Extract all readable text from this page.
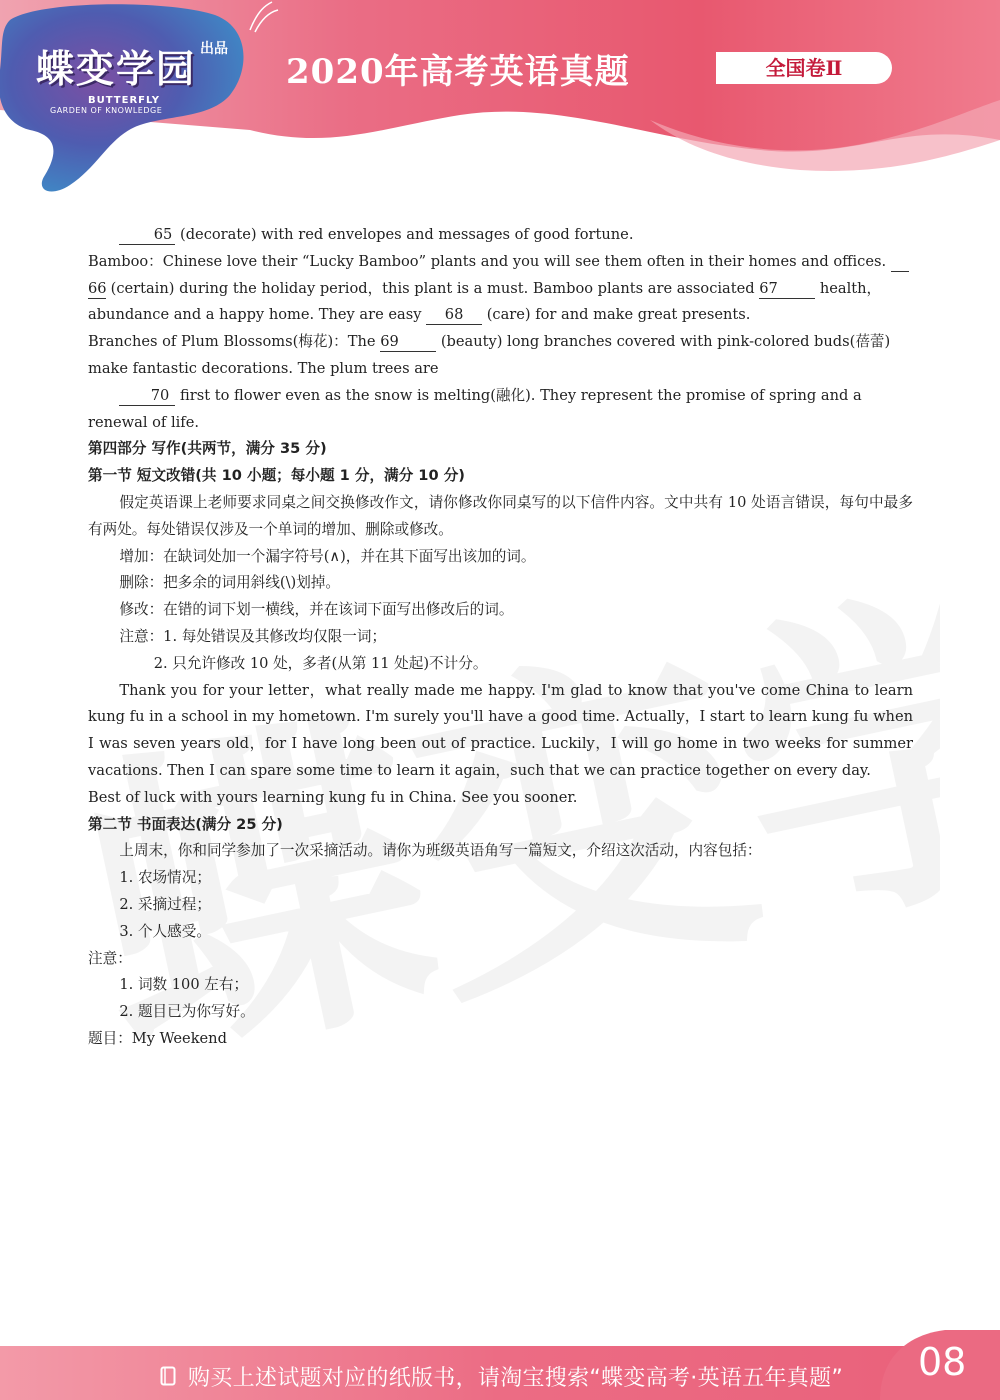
蝶变学园 出品
BUTTERFLY
GARDEN OF KNOWLEDGE
2020年高考英语真题	全国卷Ⅱ

65 (decorate) with red envelopes and messages of good fortune.

Bamboo：Chinese love their “Lucky Bamboo” plants and you will see them often in their homes and offices.

66 (certain) during the holiday period，this plant is a must. Bamboo plants are associated 67	health，

abundance and a happy home. They are easy 68 (care) for and make great presents.

Branches of Plum Blossoms(梅花)：The 69	(beauty) long branches covered with pink-colored buds(蓓蕾)

make fantastic decorations. The plum trees are

70 first to flower even as the snow is melting(融化). They represent the promise of spring and a

renewal of life.

第四部分 写作(共两节，满分 35 分)

第一节 短文改错(共 10 小题；每小题 1 分，满分 10 分)

假定英语课上老师要求同桌之间交换修改作文，请你修改你同桌写的以下信件内容。文中共有 10 处语言错误，每句中最多有两处。每处错误仅涉及一个单词的增加、删除或修改。

增加：在缺词处加一个漏字符号(∧)，并在其下面写出该加的词。

删除：把多余的词用斜线(\)划掉。

修改：在错的词下划一横线，并在该词下面写出修改后的词。

注意：1. 每处错误及其修改均仅限一词；

2. 只允许修改 10 处，多者(从第 11 处起)不计分。

Thank you for your letter，what really made me happy. I'm glad to know that you've come China to learn kung fu in a school in my hometown. I'm surely you'll have a good time. Actually，I start to learn kung fu when I was seven years old，for I have long been out of practice. Luckily，I will go home in two weeks for summer vacations. Then I can spare some time to learn it again，such that we can practice together on every day.

Best of luck with yours learning kung fu in China. See you sooner.

第二节 书面表达(满分 25 分)

上周末，你和同学参加了一次采摘活动。请你为班级英语角写一篇短文，介绍这次活动，内容包括：

1. 农场情况；

2. 采摘过程；

3. 个人感受。

注意：

1. 词数 100 左右；

2. 题目已为你写好。

题目：My Weekend

购买上述试题对应的纸版书，请淘宝搜索“蝶变高考·英语五年真题” 08
